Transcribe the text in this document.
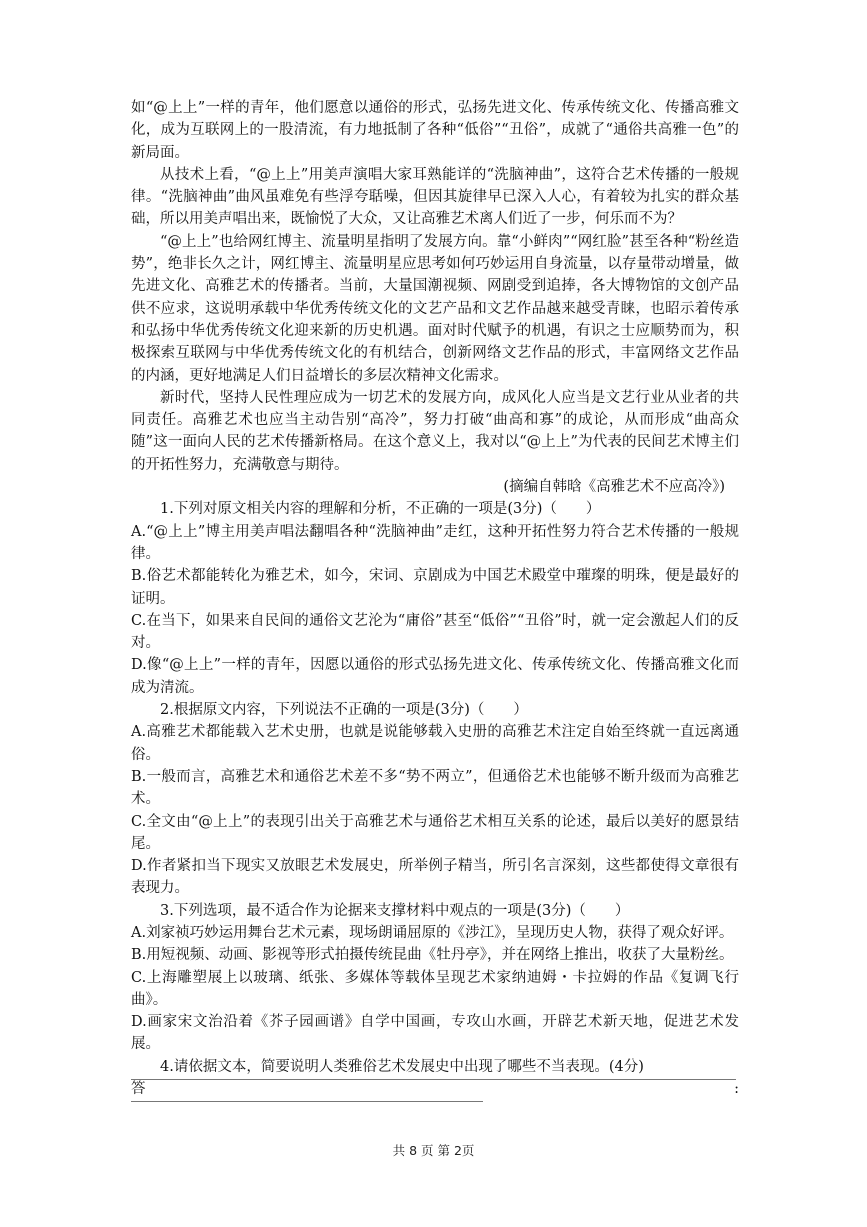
如“@上上”一样的青年，他们愿意以通俗的形式，弘扬先进文化、传承传统文化、传播高雅文化，成为互联网上的一股清流，有力地抵制了各种“低俗”“丑俗”，成就了“通俗共高雅一色”的新局面。

从技术上看，“@上上”用美声演唱大家耳熟能详的“洗脑神曲”，这符合艺术传播的一般规律。“洗脑神曲”曲风虽难免有些浮夸聒噪，但因其旋律早已深入人心，有着较为扎实的群众基础，所以用美声唱出来，既愉悦了大众，又让高雅艺术离人们近了一步，何乐而不为？

“@上上”也给网红博主、流量明星指明了发展方向。靠“小鲜肉”“网红脸”甚至各种“粉丝造势”，绝非长久之计，网红博主、流量明星应思考如何巧妙运用自身流量，以存量带动增量，做先进文化、高雅艺术的传播者。当前，大量国潮视频、网剧受到追捧，各大博物馆的文创产品供不应求，这说明承载中华优秀传统文化的文艺产品和文艺作品越来越受青睐，也昭示着传承和弘扬中华优秀传统文化迎来新的历史机遇。面对时代赋予的机遇，有识之士应顺势而为，积极探索互联网与中华优秀传统文化的有机结合，创新网络文艺作品的形式，丰富网络文艺作品的内涵，更好地满足人们日益增长的多层次精神文化需求。

新时代，坚持人民性理应成为一切艺术的发展方向，成风化人应当是文艺行业从业者的共同责任。高雅艺术也应当主动告别“高冷”，努力打破“曲高和寡”的成论，从而形成“曲高众随”这一面向人民的艺术传播新格局。在这个意义上，我对以“@上上”为代表的民间艺术博主们的开拓性努力，充满敬意与期待。

(摘编自韩晗《高雅艺术不应高冷》)

1.下列对原文相关内容的理解和分析，不正确的一项是(3分)（　　）

A.“@上上”博主用美声唱法翻唱各种“洗脑神曲”走红，这种开拓性努力符合艺术传播的一般规律。

B.俗艺术都能转化为雅艺术，如今，宋词、京剧成为中国艺术殿堂中璀璨的明珠，便是最好的证明。

C.在当下，如果来自民间的通俗文艺沦为“庸俗”甚至“低俗”“丑俗”时，就一定会激起人们的反对。

D.像“@上上”一样的青年，因愿以通俗的形式弘扬先进文化、传承传统文化、传播高雅文化而成为清流。

2.根据原文内容，下列说法不正确的一项是(3分)（　　）

A.高雅艺术都能载入艺术史册，也就是说能够载入史册的高雅艺术注定自始至终就一直远离通俗。

B.一般而言，高雅艺术和通俗艺术差不多“势不两立”，但通俗艺术也能够不断升级而为高雅艺术。

C.全文由“@上上”的表现引出关于高雅艺术与通俗艺术相互关系的论述，最后以美好的愿景结尾。

D.作者紧扣当下现实又放眼艺术发展史，所举例子精当，所引名言深刻，这些都使得文章很有表现力。

3.下列选项，最不适合作为论据来支撑材料中观点的一项是(3分)（　　）

A.刘家祯巧妙运用舞台艺术元素，现场朗诵屈原的《涉江》，呈现历史人物，获得了观众好评。

B.用短视频、动画、影视等形式拍摄传统昆曲《牡丹亭》，并在网络上推出，收获了大量粉丝。

C.上海雕塑展上以玻璃、纸张、多媒体等载体呈现艺术家纳迪姆・卡拉姆的作品《复调飞行曲》。

D.画家宋文治沿着《芥子园画谱》自学中国画，专攻山水画，开辟艺术新天地，促进艺术发展。

4.请依据文本，简要说明人类雅俗艺术发展史中出现了哪些不当表现。(4分)

答	:
共 8 页 第 2页
